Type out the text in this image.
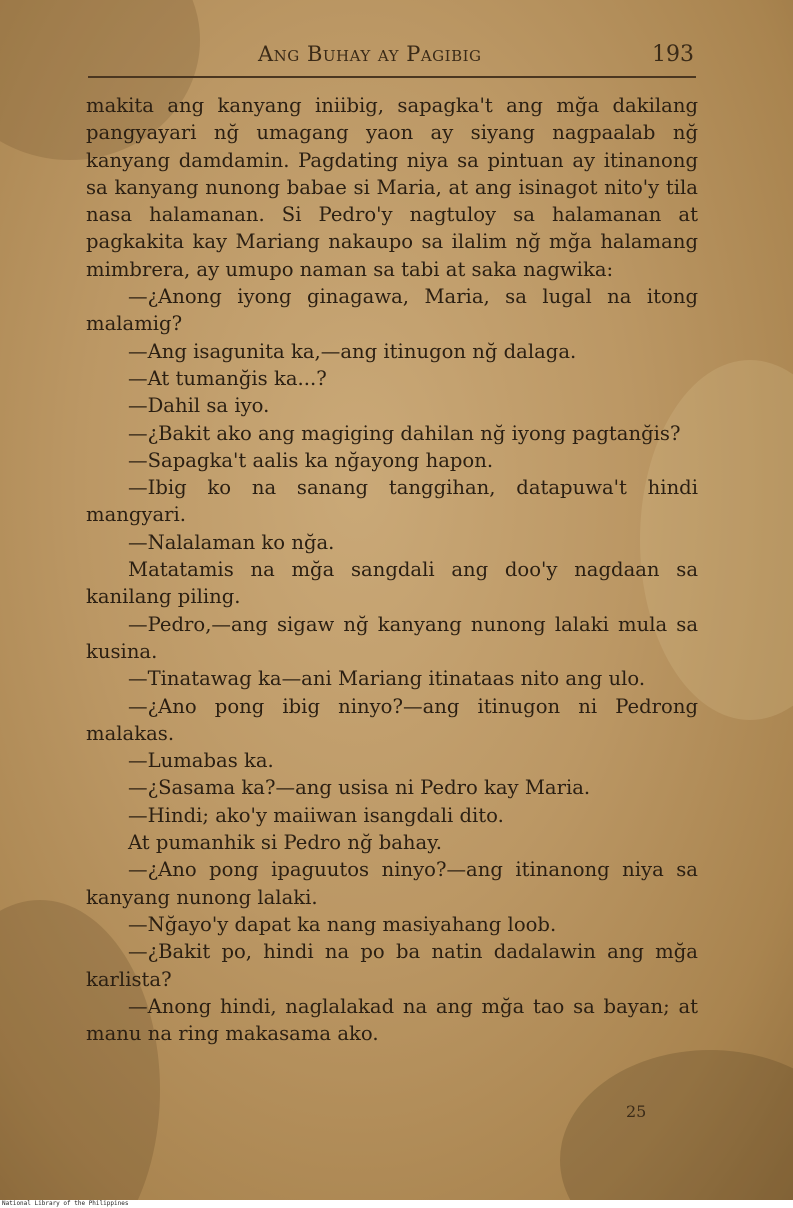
Ang Buhay ay Pagibig	193

makita ang kanyang iniibig, sapagka't ang mğa dakilang pangyayari nğ umagang yaon ay siyang nagpaalab nğ kanyang damdamin. Pagdating niya sa pintuan ay itinanong sa kanyang nunong babae si Maria, at ang isinagot nito'y tila nasa halamanan. Si Pedro'y nagtuloy sa halamanan at pagkakita kay Mariang nakaupo sa ilalim nğ mğa halamang mimbrera, ay umupo naman sa tabi at saka nagwika:

—¿Anong iyong ginagawa, Maria, sa lugal na itong malamig?

—Ang isagunita ka,—ang itinugon nğ dalaga.

—At tumanğis ka...?

—Dahil sa iyo.

—¿Bakit ako ang magiging dahilan nğ iyong pagtanğis?

—Sapagka't aalis ka nğayong hapon.

—Ibig ko na sanang tanggihan, datapuwa't hindi mangyari.

—Nalalaman ko nğa.

Matatamis na mğa sangdali ang doo'y nagdaan sa kanilang piling.

—Pedro,—ang sigaw nğ kanyang nunong lalaki mula sa kusina.

—Tinatawag ka—ani Mariang itinataas nito ang ulo.

—¿Ano pong ibig ninyo?—ang itinugon ni Pedrong malakas.

—Lumabas ka.

—¿Sasama ka?—ang usisa ni Pedro kay Maria.

—Hindi; ako'y maiiwan isangdali dito.

At pumanhik si Pedro nğ bahay.

—¿Ano pong ipaguutos ninyo?—ang itinanong niya sa kanyang nunong lalaki.

—Nğayo'y dapat ka nang masiyahang loob.

—¿Bakit po, hindi na po ba natin dadalawin ang mğa karlista?

—Anong hindi, naglalakad na ang mğa tao sa bayan; at manu na ring makasama ako.

25
National Library of the Philippines
